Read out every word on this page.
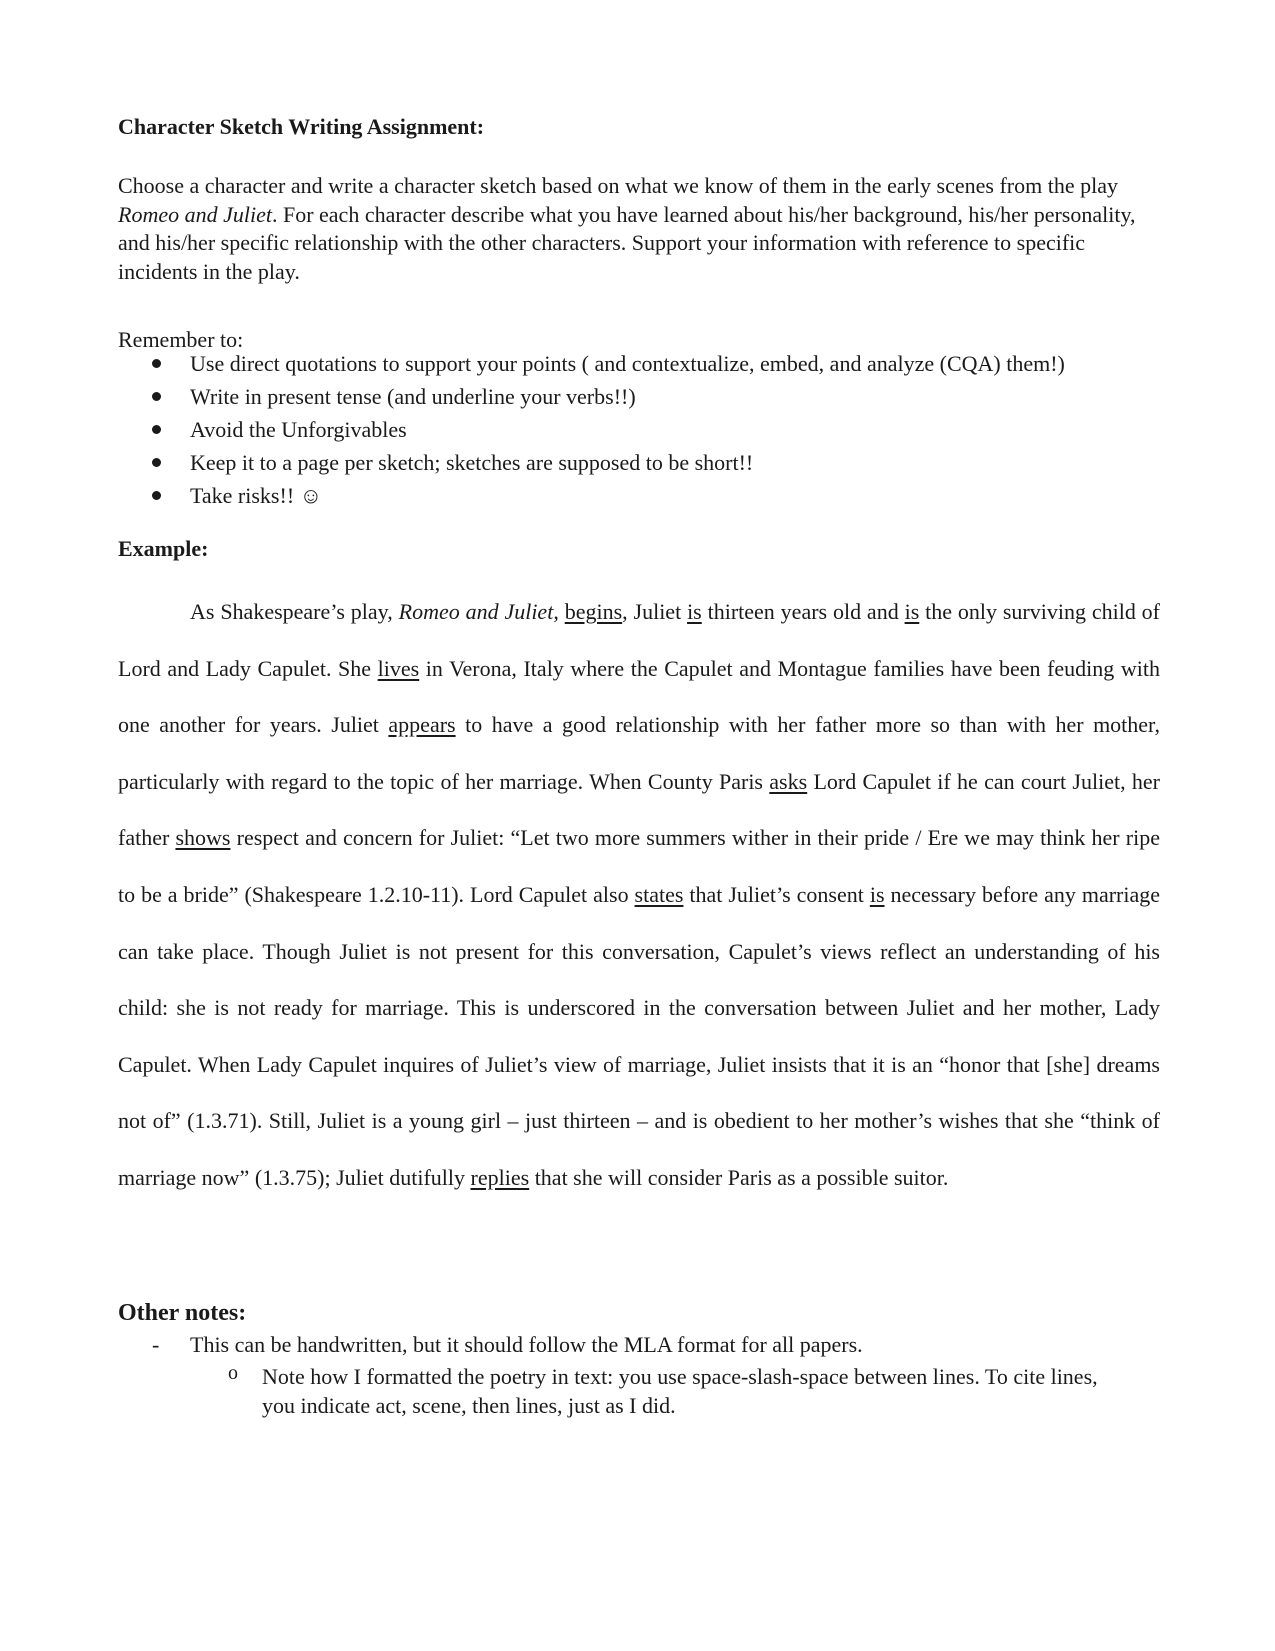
Character Sketch Writing Assignment:

Choose a character and write a character sketch based on what we know of them in the early scenes from the play Romeo and Juliet. For each character describe what you have learned about his/her background, his/her personality, and his/her specific relationship with the other characters. Support your information with reference to specific incidents in the play.

Remember to:
Use direct quotations to support your points ( and contextualize, embed, and analyze (CQA) them!)
Write in present tense (and underline your verbs!!)
Avoid the Unforgivables
Keep it to a page per sketch; sketches are supposed to be short!!
Take risks!! ☺
Example:

As Shakespeare’s play, Romeo and Juliet, begins, Juliet is thirteen years old and is the only surviving child of Lord and Lady Capulet. She lives in Verona, Italy where the Capulet and Montague families have been feuding with one another for years. Juliet appears to have a good relationship with her father more so than with her mother, particularly with regard to the topic of her marriage. When County Paris asks Lord Capulet if he can court Juliet, her father shows respect and concern for Juliet: “Let two more summers wither in their pride / Ere we may think her ripe to be a bride” (Shakespeare 1.2.10-11). Lord Capulet also states that Juliet’s consent is necessary before any marriage can take place. Though Juliet is not present for this conversation, Capulet’s views reflect an understanding of his child: she is not ready for marriage. This is underscored in the conversation between Juliet and her mother, Lady Capulet. When Lady Capulet inquires of Juliet’s view of marriage, Juliet insists that it is an “honor that [she] dreams not of” (1.3.71). Still, Juliet is a young girl – just thirteen – and is obedient to her mother’s wishes that she “think of marriage now” (1.3.75); Juliet dutifully replies that she will consider Paris as a possible suitor.

Other notes:
- This can be handwritten, but it should follow the MLA format for all papers.
o Note how I formatted the poetry in text: you use space-slash-space between lines. To cite lines, you indicate act, scene, then lines, just as I did.
